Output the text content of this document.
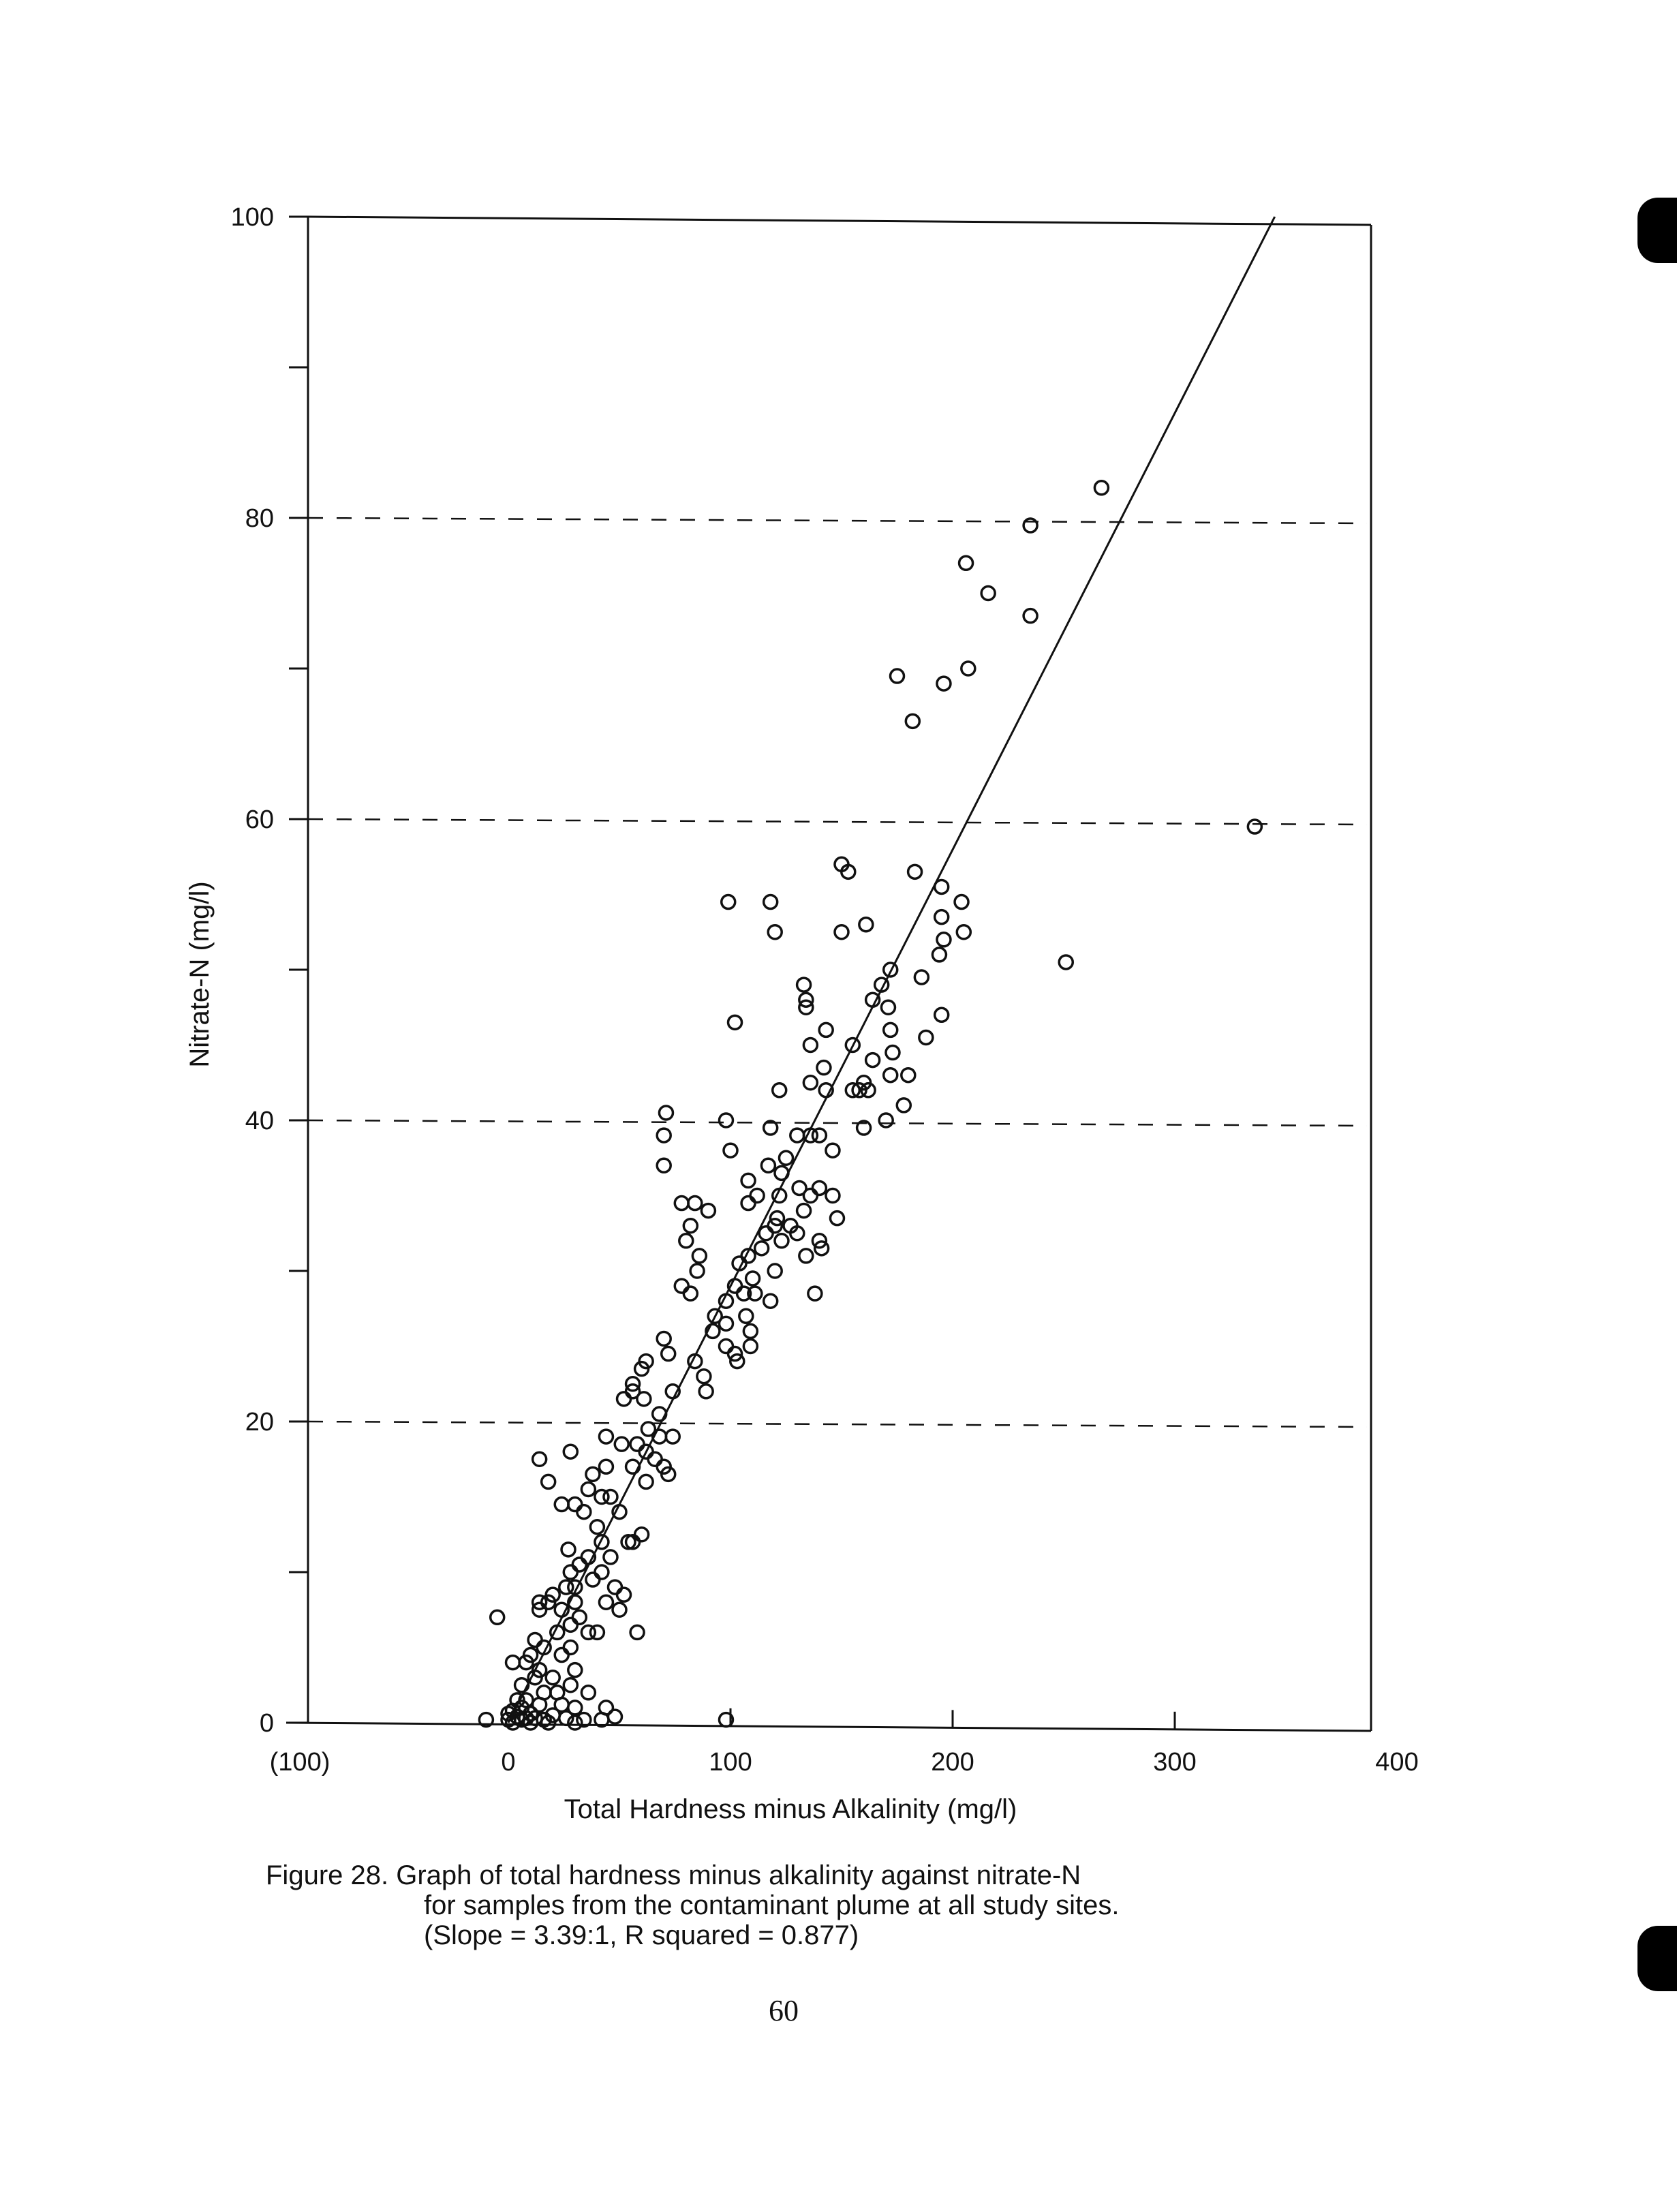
0
20
40
60
80
100
(100)	0	100	200	300	400
Total Hardness minus Alkalinity (mg/l)
Nitrate-N (mg/l)
Figure 28. Graph of total hardness minus alkalinity against nitrate-N
for samples from the contaminant plume at all study sites.
(Slope = 3.39:1, R squared = 0.877)
60
